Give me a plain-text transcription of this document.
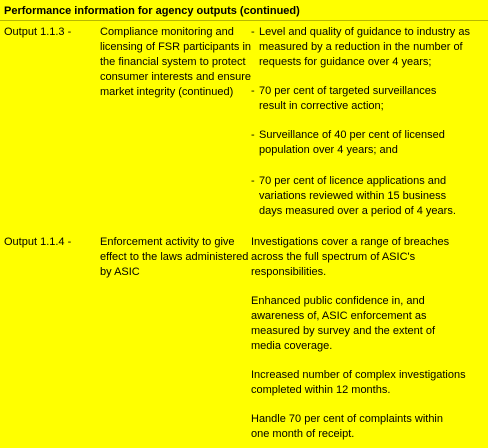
Performance information for agency outputs (continued)
Output 1.1.3 -	Compliance monitoring and
licensing of FSR participants in
the financial system to protect
consumer interests and ensure
market integrity (continued)
- Level and quality of guidance to industry as
measured by a reduction in the number of
requests for guidance over 4 years;
- 70 per cent of targeted surveillances
result in corrective action;
- Surveillance of 40 per cent of licensed
population over 4 years; and
- 70 per cent of licence applications and
variations reviewed within 15 business
days measured over a period of 4 years.
Output 1.1.4 -	Enforcement activity to give
effect to the laws administered
by ASIC
Investigations cover a range of breaches
across the full spectrum of ASIC's
responsibilities.
Enhanced public confidence in, and
awareness of, ASIC enforcement as
measured by survey and the extent of
media coverage.
Increased number of complex investigations
completed within 12 months.
Handle 70 per cent of complaints within
one month of receipt.
